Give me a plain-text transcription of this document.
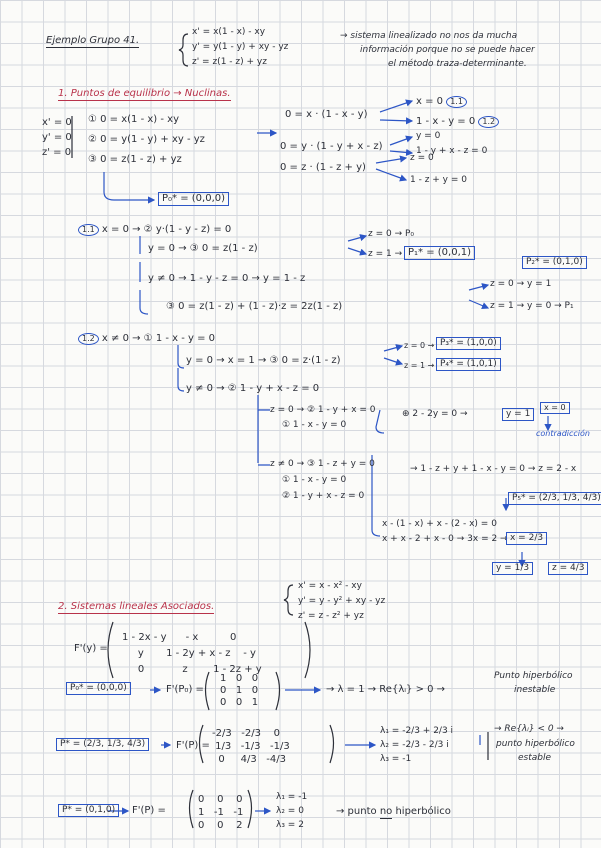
Ejemplo Grupo 41.
x' = x(1 - x) - xy
y' = y(1 - y) + xy - yz
z' = z(1 - z) + yz
→ sistema linealizado no nos da mucha
información porque no se puede hacer
el método traza-determinante.
1. Puntos de equilibrio → Nuclinas.
x' = 0
y' = 0
z' = 0
① 0 = x(1 - x) - xy
② 0 = y(1 - y) + xy - yz
③ 0 = z(1 - z) + yz
0 = x · (1 - x - y)
0 = y · (1 - y + x - z)
0 = z · (1 - z + y)
x = 0 1.1
1 - x - y = 0 1.2
y = 0
1 - y + x - z = 0
z = 0
1 - z + y = 0
P₀* = (0,0,0)
1.1 x = 0 → ② y·(1 - y - z) = 0
y = 0 → ③ 0 = z(1 - z)
z = 0 → P₀
z = 1 → P₁* = (0,0,1)
P₂* = (0,1,0)
y ≠ 0 → 1 - y - z = 0 → y = 1 - z
③ 0 = z(1 - z) + (1 - z)·z = 2z(1 - z)
z = 0 → y = 1
z = 1 → y = 0 → P₁
1.2 x ≠ 0 → ① 1 - x - y = 0
y = 0 → x = 1 → ③ 0 = z·(1 - z)
z = 0 → P₃* = (1,0,0)
z = 1 → P₄* = (1,0,1)
y ≠ 0 → ② 1 - y + x - z = 0
z = 0 → ② 1 - y + x = 0
① 1 - x - y = 0
⊕ 2 - 2y = 0 →	y = 1
x = 0
contradicción
z ≠ 0 → ③ 1 - z + y = 0
① 1 - x - y = 0
② 1 - y + x - z = 0
→ 1 - z + y + 1 - x - y = 0 → z = 2 - x
P₅* = (2/3, 1/3, 4/3)
x - (1 - x) + x - (2 - x) = 0
x + x - 2 + x - 0 → 3x = 2 → x = 2/3
y = 1/3	z = 4/3
2. Sistemas lineales Asociados.
x' = x - x² - xy
y' = y - y² + xy - yz
z' = z - z² + yz
F'(y) =
1 - 2x - y      - x          0
y       1 - 2y + x - z    - y
0            z        1 - 2z + y
P₀* = (0,0,0)	F'(P₀) =
1   0   0
0   1   0
0   0   1
→ λ = 1 → Re{λᵢ} > 0 →
Punto hiperbólico
inestable
P* = (2/3, 1/3, 4/3)	F'(P) =
-2/3   -2/3    0
1/3   -1/3   -1/3
0     4/3   -4/3
λ₁ = -2/3 + 2/3 i
λ₂ = -2/3 - 2/3 i
λ₃ = -1
→ Re{λᵢ} < 0 →
punto hiperbólico
estable
P* = (0,1,0)	F'(P) =
0    0    0
1   -1   -1
0    0    2
λ₁ = -1
λ₂ = 0
λ₃ = 2
→ punto no hiperbólico
